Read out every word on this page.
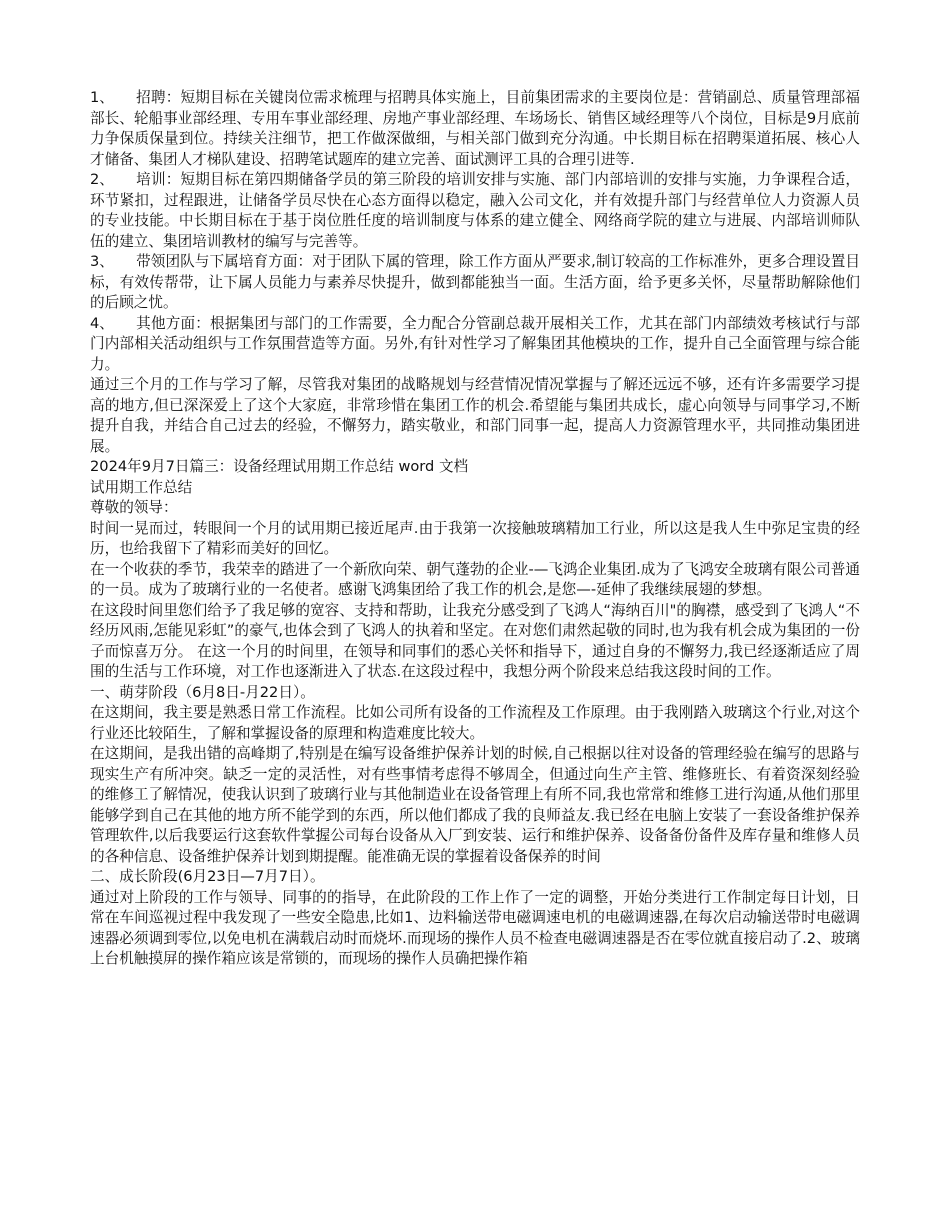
1、 招聘：短期目标在关键岗位需求梳理与招聘具体实施上，目前集团需求的主要岗位是：营销副总、质量管理部福部长、轮船事业部经理、专用车事业部经理、房地产事业部经理、车场场长、销售区域经理等八个岗位，目标是9月底前力争保质保量到位。持续关注细节，把工作做深做细，与相关部门做到充分沟通。中长期目标在招聘渠道拓展、核心人才储备、集团人才梯队建设、招聘笔试题库的建立完善、面试测评工具的合理引进等.

2、 培训：短期目标在第四期储备学员的第三阶段的培训安排与实施、部门内部培训的安排与实施，力争课程合适，环节紧扣，过程跟进，让储备学员尽快在心态方面得以稳定，融入公司文化，并有效提升部门与经营单位人力资源人员的专业技能。中长期目标在于基于岗位胜任度的培训制度与体系的建立健全、网络商学院的建立与进展、内部培训师队伍的建立、集团培训教材的编写与完善等。

3、 带领团队与下属培育方面：对于团队下属的管理，除工作方面从严要求,制订较高的工作标准外，更多合理设置目标，有效传帮带，让下属人员能力与素养尽快提升，做到都能独当一面。生活方面，给予更多关怀，尽量帮助解除他们的后顾之忧。

4、 其他方面：根据集团与部门的工作需要，全力配合分管副总裁开展相关工作，尤其在部门内部绩效考核试行与部门内部相关活动组织与工作氛围营造等方面。另外,有针对性学习了解集团其他模块的工作，提升自己全面管理与综合能力。

通过三个月的工作与学习了解，尽管我对集团的战略规划与经营情况情况掌握与了解还远远不够，还有许多需要学习提高的地方,但已深深爱上了这个大家庭，非常珍惜在集团工作的机会.希望能与集团共成长，虚心向领导与同事学习,不断提升自我，并结合自己过去的经验，不懈努力，踏实敬业，和部门同事一起，提高人力资源管理水平，共同推动集团进展。

2024年9月7日篇三：设备经理试用期工作总结 word 文档

试用期工作总结

尊敬的领导：

时间一晃而过，转眼间一个月的试用期已接近尾声.由于我第一次接触玻璃精加工行业，所以这是我人生中弥足宝贵的经历，也给我留下了精彩而美好的回忆。

在一个收获的季节，我荣幸的踏进了一个新欣向荣、朝气蓬勃的企业-—飞鸿企业集团.成为了飞鸿安全玻璃有限公司普通的一员。成为了玻璃行业的一名使者。感谢飞鸿集团给了我工作的机会,是您—-延伸了我继续展翅的梦想。

在这段时间里您们给予了我足够的宽容、支持和帮助，让我充分感受到了飞鸿人“海纳百川"的胸襟，感受到了飞鸿人“不经历风雨,怎能见彩虹”的豪气,也体会到了飞鸿人的执着和坚定。在对您们肃然起敬的同时,也为我有机会成为集团的一份子而惊喜万分。 在这一个月的时间里，在领导和同事们的悉心关怀和指导下，通过自身的不懈努力,我已经逐渐适应了周围的生活与工作环境，对工作也逐渐进入了状态.在这段过程中，我想分两个阶段来总结我这段时间的工作。

一、萌芽阶段（6月8日-月22日）。

在这期间，我主要是熟悉日常工作流程。比如公司所有设备的工作流程及工作原理。由于我刚踏入玻璃这个行业,对这个行业还比较陌生，了解和掌握设备的原理和构造难度比较大。

在这期间，是我出错的高峰期了,特别是在编写设备维护保养计划的时候,自己根据以往对设备的管理经验在编写的思路与现实生产有所冲突。缺乏一定的灵活性，对有些事情考虑得不够周全，但通过向生产主管、维修班长、有着资深刻经验的维修工了解情况，使我认识到了玻璃行业与其他制造业在设备管理上有所不同,我也常常和维修工进行沟通,从他们那里能够学到自己在其他的地方所不能学到的东西，所以他们都成了我的良师益友.我已经在电脑上安装了一套设备维护保养管理软件,以后我要运行这套软件掌握公司每台设备从入厂到安装、运行和维护保养、设备备份备件及库存量和维修人员的各种信息、设备维护保养计划到期提醒。能准确无误的掌握着设备保养的时间

二、成长阶段(6月23日—7月7日）。

通过对上阶段的工作与领导、同事的的指导，在此阶段的工作上作了一定的调整，开始分类进行工作制定每日计划，日常在车间巡视过程中我发现了一些安全隐患,比如1、边料输送带电磁调速电机的电磁调速器,在每次启动输送带时电磁调速器必须调到零位,以免电机在满载启动时而烧坏.而现场的操作人员不检查电磁调速器是否在零位就直接启动了.2、玻璃上台机触摸屏的操作箱应该是常锁的，而现场的操作人员确把操作箱
